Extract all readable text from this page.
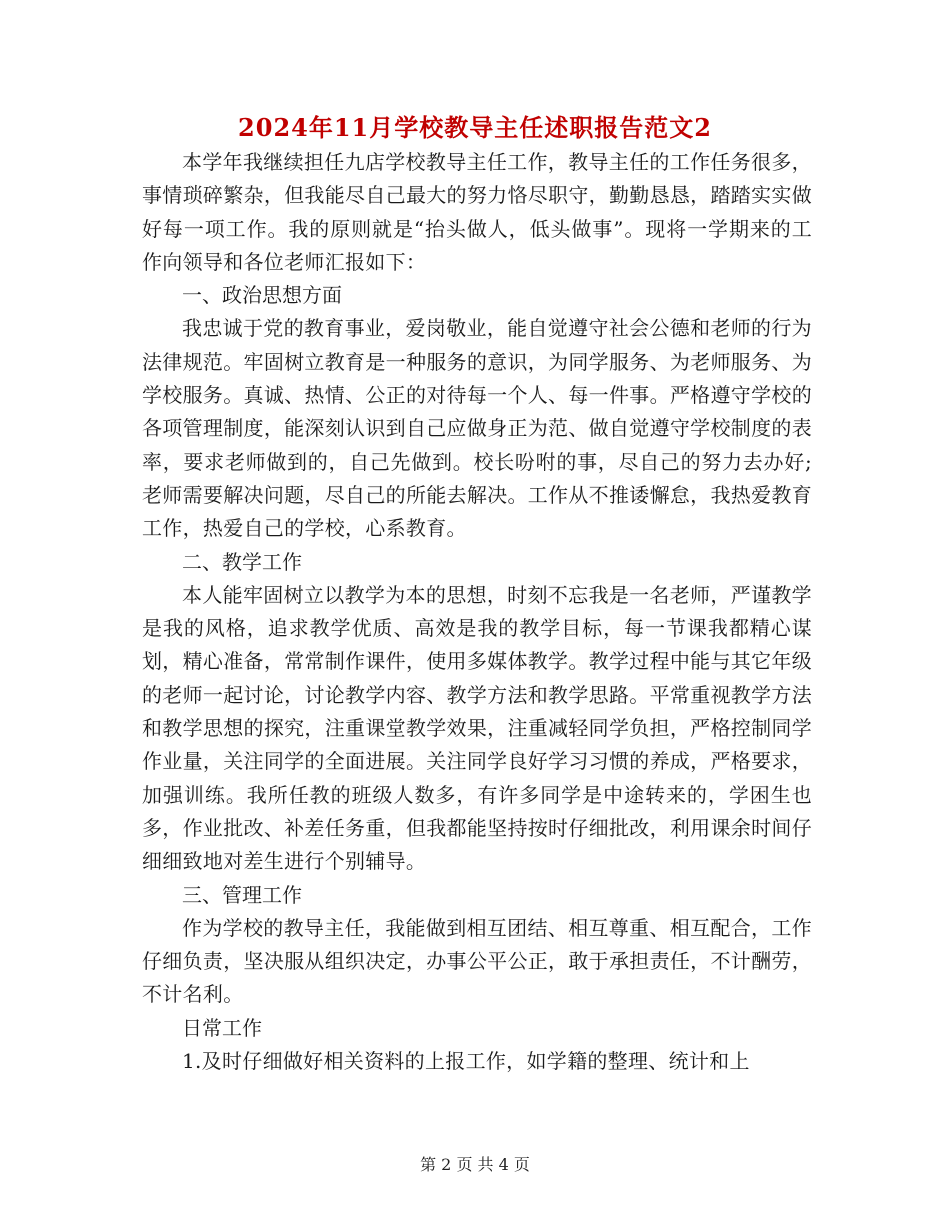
2024年11月学校教导主任述职报告范文2

本学年我继续担任九店学校教导主任工作，教导主任的工作任务很多，事情琐碎繁杂，但我能尽自己最大的努力恪尽职守，勤勤恳恳，踏踏实实做好每一项工作。我的原则就是“抬头做人，低头做事”。现将一学期来的工作向领导和各位老师汇报如下：

一、政治思想方面

我忠诚于党的教育事业，爱岗敬业，能自觉遵守社会公德和老师的行为法律规范。牢固树立教育是一种服务的意识，为同学服务、为老师服务、为学校服务。真诚、热情、公正的对待每一个人、每一件事。严格遵守学校的各项管理制度，能深刻认识到自己应做身正为范、做自觉遵守学校制度的表率，要求老师做到的，自己先做到。校长吩咐的事，尽自己的努力去办好;老师需要解决问题，尽自己的所能去解决。工作从不推诿懈怠，我热爱教育工作，热爱自己的学校，心系教育。

二、教学工作

本人能牢固树立以教学为本的思想，时刻不忘我是一名老师，严谨教学是我的风格，追求教学优质、高效是我的教学目标，每一节课我都精心谋划，精心准备，常常制作课件，使用多媒体教学。教学过程中能与其它年级的老师一起讨论，讨论教学内容、教学方法和教学思路。平常重视教学方法和教学思想的探究，注重课堂教学效果，注重减轻同学负担，严格控制同学作业量，关注同学的全面进展。关注同学良好学习习惯的养成，严格要求，加强训练。我所任教的班级人数多，有许多同学是中途转来的，学困生也多，作业批改、补差任务重，但我都能坚持按时仔细批改，利用课余时间仔细细致地对差生进行个别辅导。

三、管理工作

作为学校的教导主任，我能做到相互团结、相互尊重、相互配合，工作仔细负责，坚决服从组织决定，办事公平公正，敢于承担责任，不计酬劳，不计名利。

日常工作

1.及时仔细做好相关资料的上报工作，如学籍的整理、统计和上

第 2 页 共 4 页
